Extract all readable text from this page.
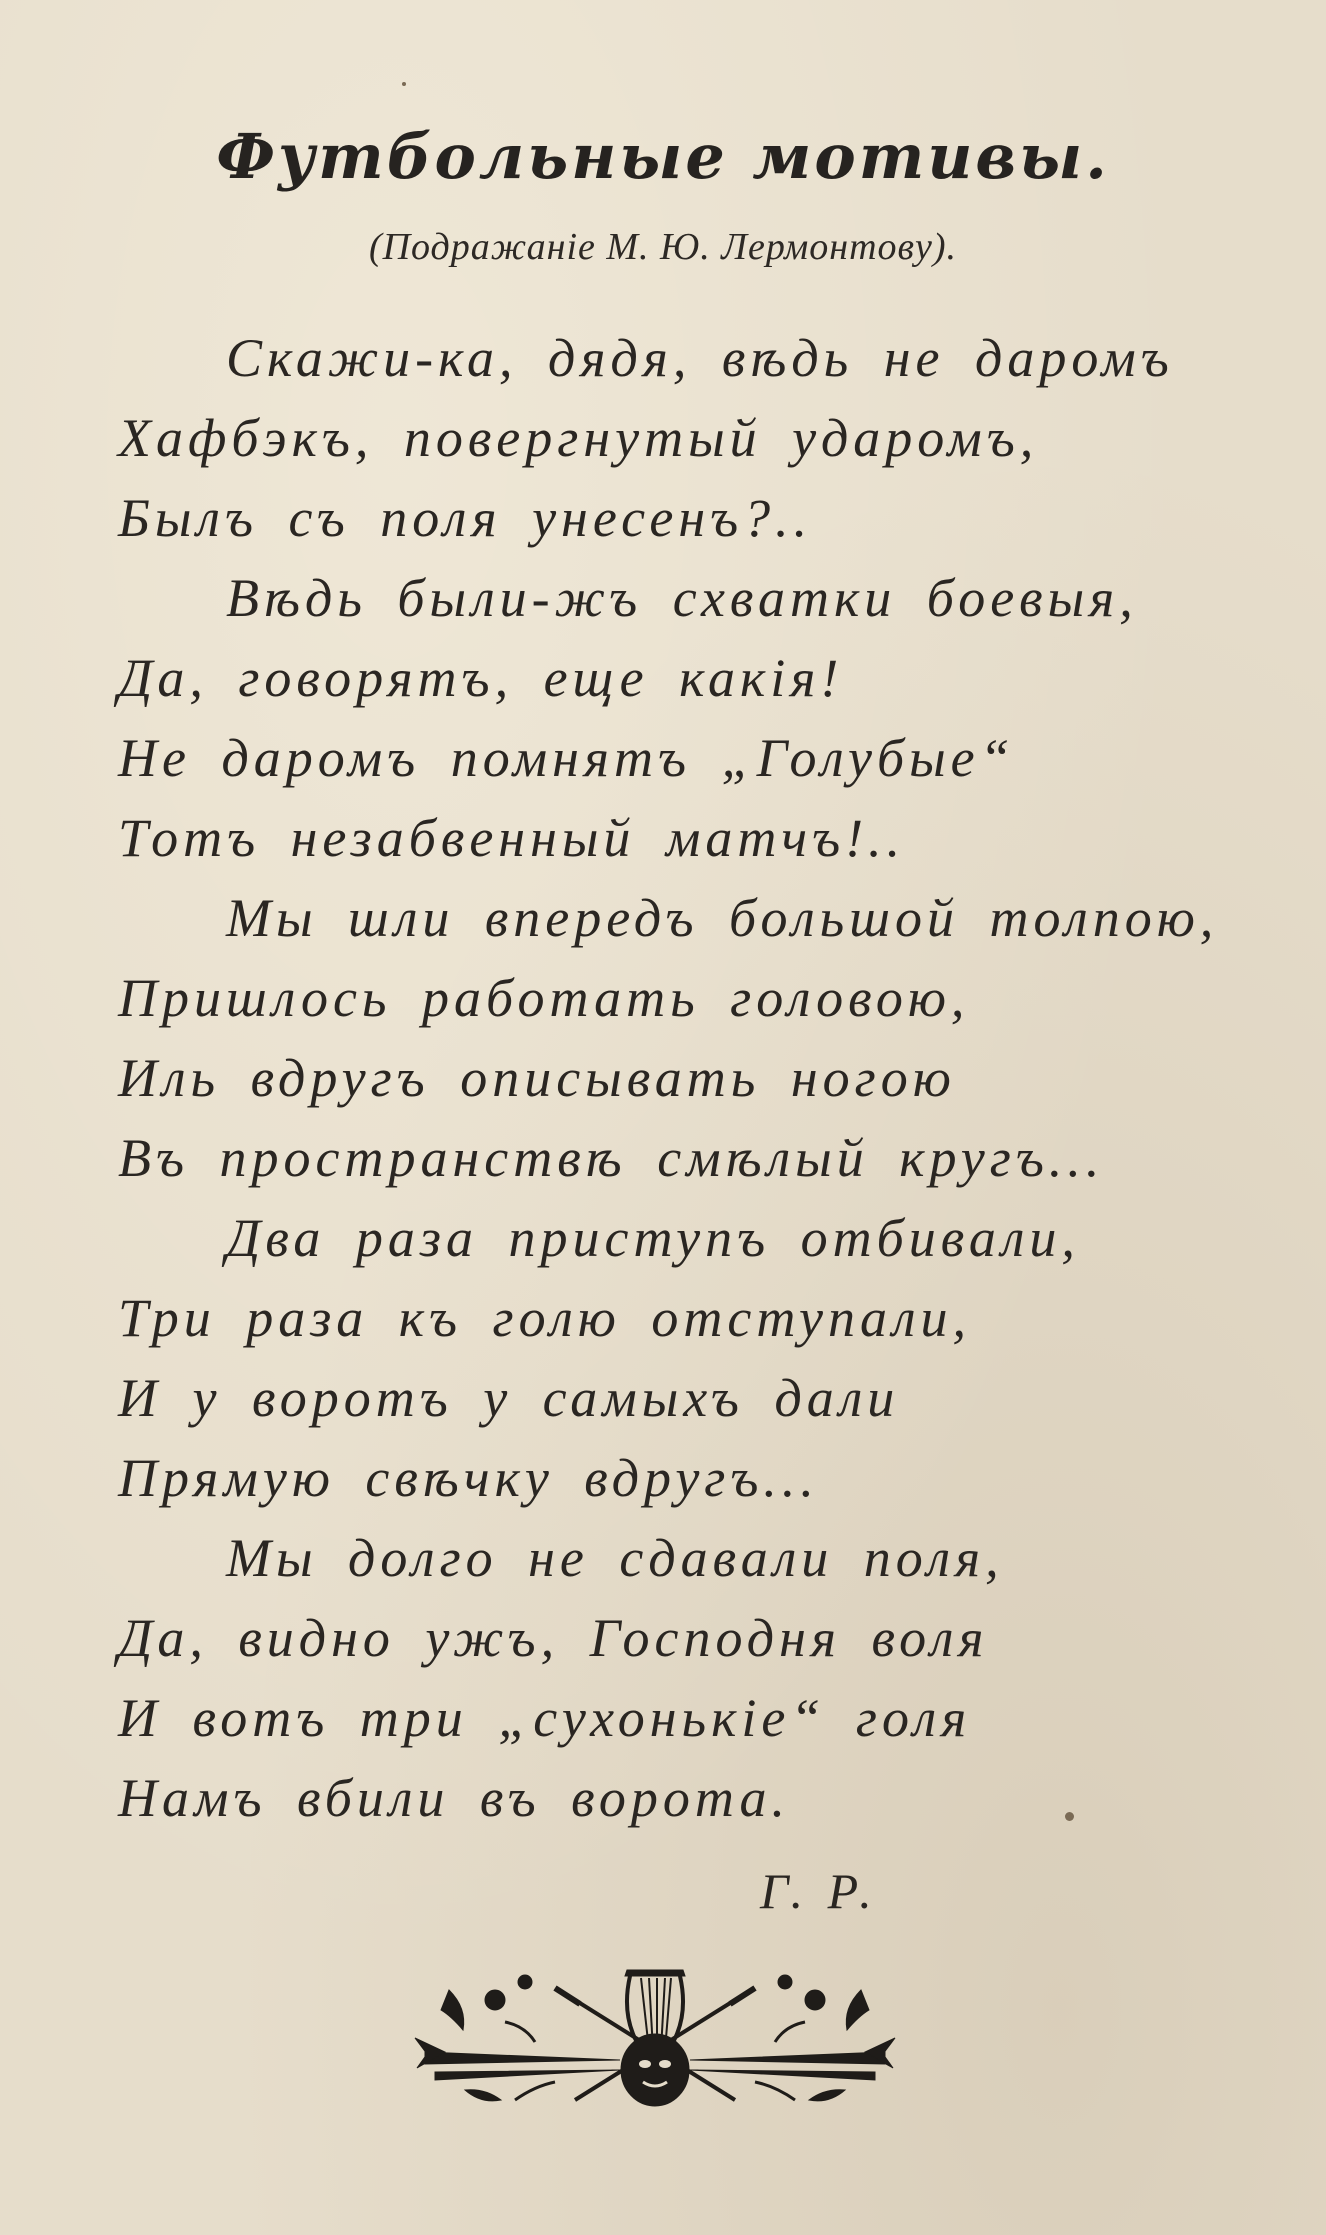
Футбольные мотивы.
(Подражаніе М. Ю. Лермонтову).
Скажи-ка, дядя, вѣдь не даромъ
Хафбэкъ, повергнутый ударомъ,
Былъ съ поля унесенъ?..
Вѣдь были-жъ схватки боевыя,
Да, говорятъ, еще какія!
Не даромъ помнятъ „Голубые“
Тотъ незабвенный матчъ!..
Мы шли впередъ большой толпою,
Пришлось работать головою,
Иль вдругъ описывать ногою
Въ пространствѣ смѣлый кругъ...
Два раза приступъ отбивали,
Три раза къ голю отступали,
И у воротъ у самыхъ дали
Прямую свѣчку вдругъ...
Мы долго не сдавали поля,
Да, видно ужъ, Господня воля
И вотъ три „сухонькіе“ голя
Намъ вбили въ ворота.
Г. Р.
